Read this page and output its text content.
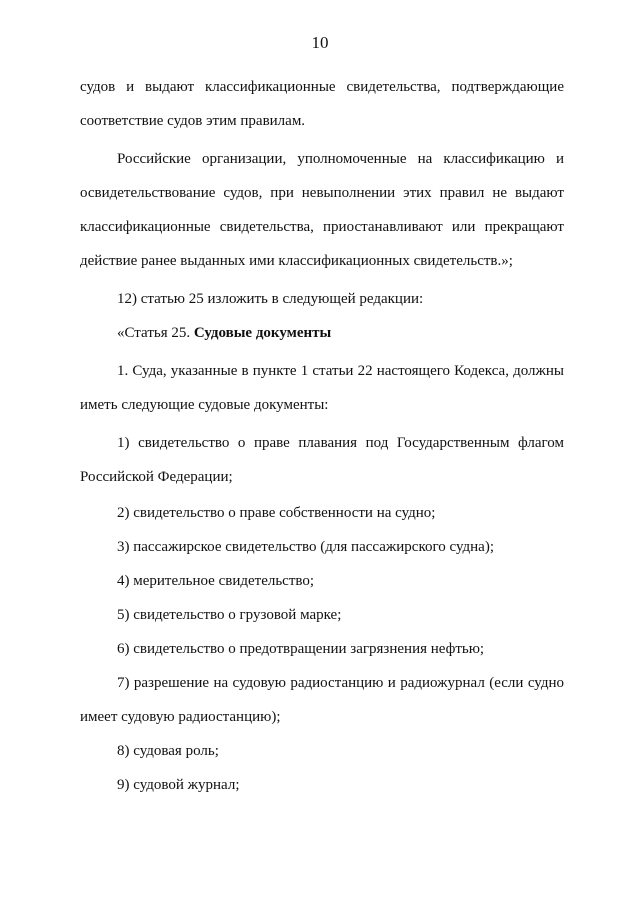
10
судов и выдают классификационные свидетельства, подтверждающие
соответствие судов этим правилам.
Российские организации, уполномоченные на классификацию и
освидетельствование судов, при невыполнении этих правил не выдают
классификационные свидетельства, приостанавливают или прекращают
действие ранее выданных ими классификационных свидетельств.»;
12) статью 25 изложить в следующей редакции:
«Статья 25. Судовые документы
1. Суда, указанные в пункте 1 статьи 22 настоящего Кодекса, должны
иметь следующие судовые документы:
1) свидетельство о праве плавания под Государственным флагом
Российской Федерации;
2) свидетельство о праве собственности на судно;
3) пассажирское свидетельство (для пассажирского судна);
4) мерительное свидетельство;
5) свидетельство о грузовой марке;
6) свидетельство о предотвращении загрязнения нефтью;
7) разрешение на судовую радиостанцию и радиожурнал (если судно
имеет судовую радиостанцию);
8) судовая роль;
9) судовой журнал;
